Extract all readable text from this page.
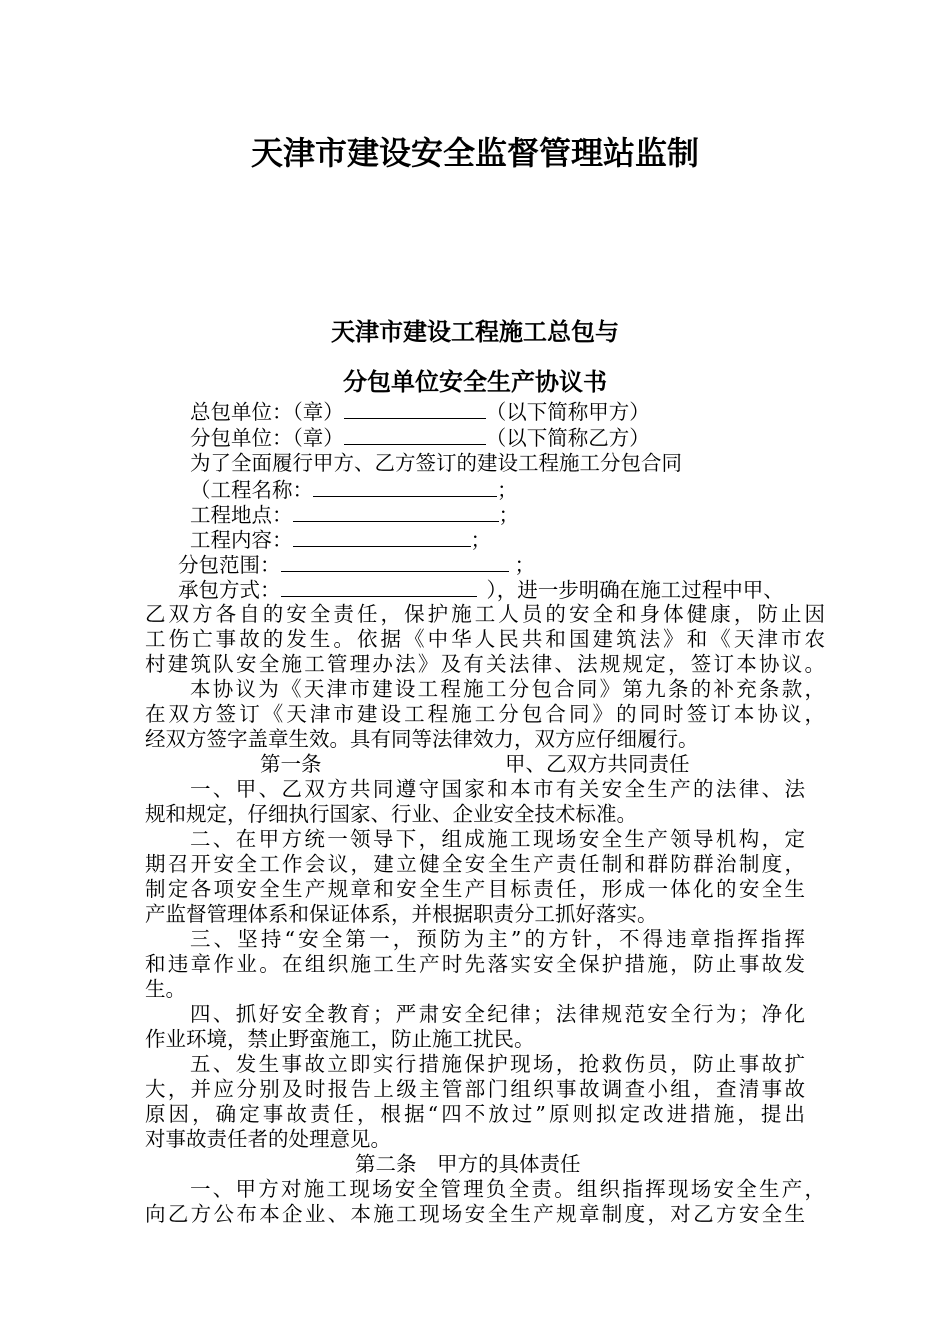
天津市建设安全监督管理站监制
天津市建设工程施工总包与
分包单位安全生产协议书
总包单位：（章）	（以下简称甲方）
分包单位：（章）	（以下简称乙方）
为了全面履行甲方、乙方签订的建设工程施工分包合同
（工程名称：	；
工程地点：	；
工程内容：	；
分包范围：	；
承包方式：	），进一步明确在施工过程中甲、
乙双方各自的安全责任，保护施工人员的安全和身体健康，防止因
工伤亡事故的发生。依据《中华人民共和国建筑法》和《天津市农
村建筑队安全施工管理办法》及有关法律、法规规定，签订本协议。
本协议为《天津市建设工程施工分包合同》第九条的补充条款，
在双方签订《天津市建设工程施工分包合同》的同时签订本协议，
经双方签字盖章生效。具有同等法律效力，双方应仔细履行。
第一条	甲、乙双方共同责任
一、甲、乙双方共同遵守国家和本市有关安全生产的法律、法
规和规定，仔细执行国家、行业、企业安全技术标准。
二、在甲方统一领导下，组成施工现场安全生产领导机构，定
期召开安全工作会议，建立健全安全生产责任制和群防群治制度，
制定各项安全生产规章和安全生产目标责任，形成一体化的安全生
产监督管理体系和保证体系，并根据职责分工抓好落实。
三、坚持“安全第一，预防为主”的方针，不得违章指挥指挥
和违章作业。在组织施工生产时先落实安全保护措施，防止事故发
生。
四、抓好安全教育；严肃安全纪律；法律规范安全行为；净化
作业环境，禁止野蛮施工，防止施工扰民。
五、发生事故立即实行措施保护现场，抢救伤员，防止事故扩
大，并应分别及时报告上级主管部门组织事故调查小组，查清事故
原因，确定事故责任，根据“四不放过”原则拟定改进措施，提出
对事故责任者的处理意见。
第二条　甲方的具体责任
一、甲方对施工现场安全管理负全责。组织指挥现场安全生产，
向乙方公布本企业、本施工现场安全生产规章制度，对乙方安全生
